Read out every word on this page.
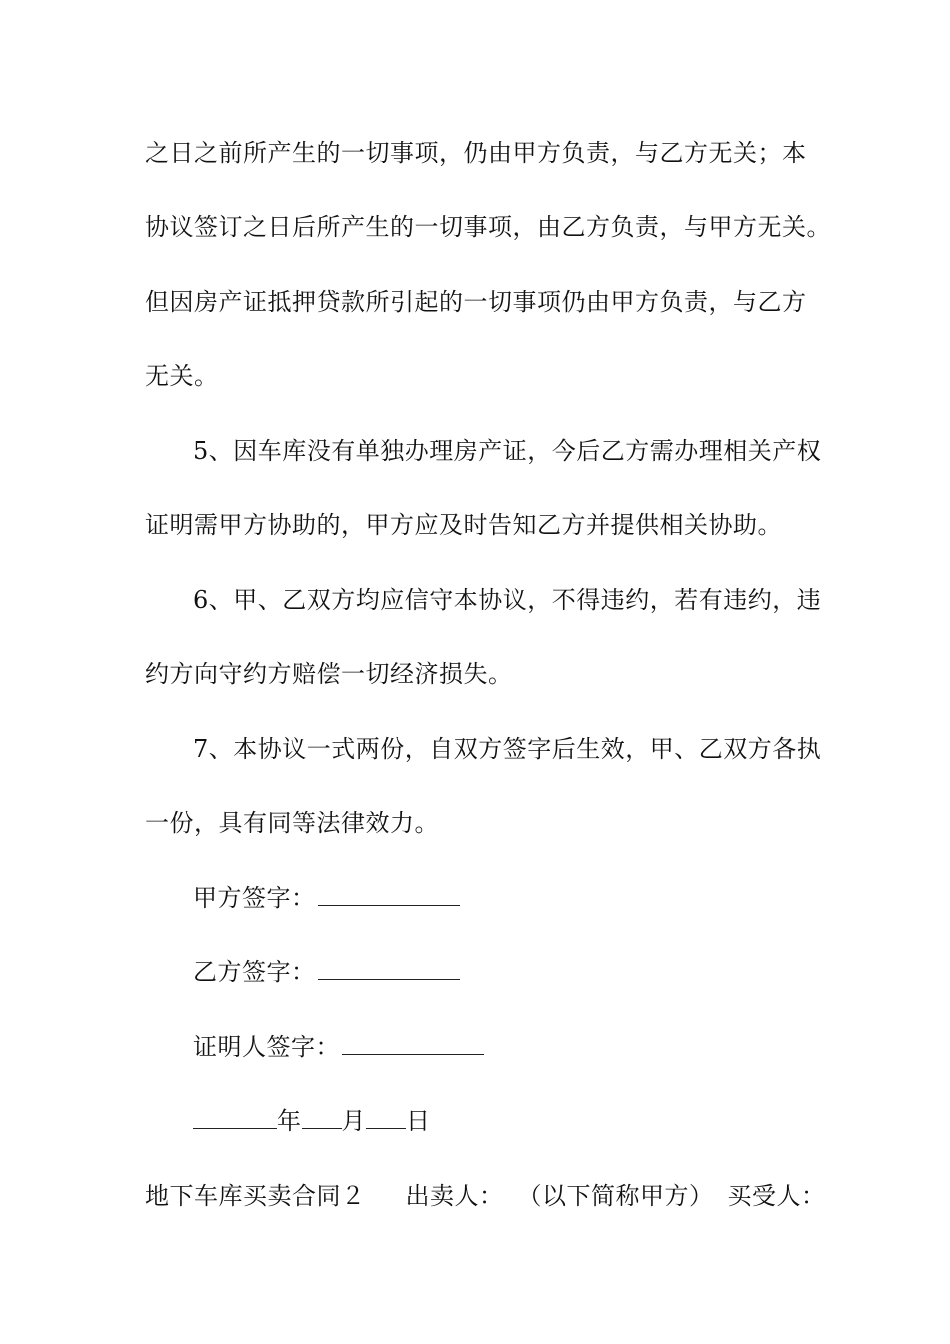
之日之前所产生的一切事项，仍由甲方负责，与乙方无关；本
协议签订之日后所产生的一切事项，由乙方负责，与甲方无关。
但因房产证抵押贷款所引起的一切事项仍由甲方负责，与乙方
无关。
5、因车库没有单独办理房产证，今后乙方需办理相关产权
证明需甲方协助的，甲方应及时告知乙方并提供相关协助。
6、甲、乙双方均应信守本协议，不得违约，若有违约，违
约方向守约方赔偿一切经济损失。
7、本协议一式两份，自双方签字后生效，甲、乙双方各执
一份，具有同等法律效力。
甲方签字：
乙方签字：
证明人签字：
年 月 日
地下车库买卖合同２ 出卖人： （以下简称甲方） 买受人：
